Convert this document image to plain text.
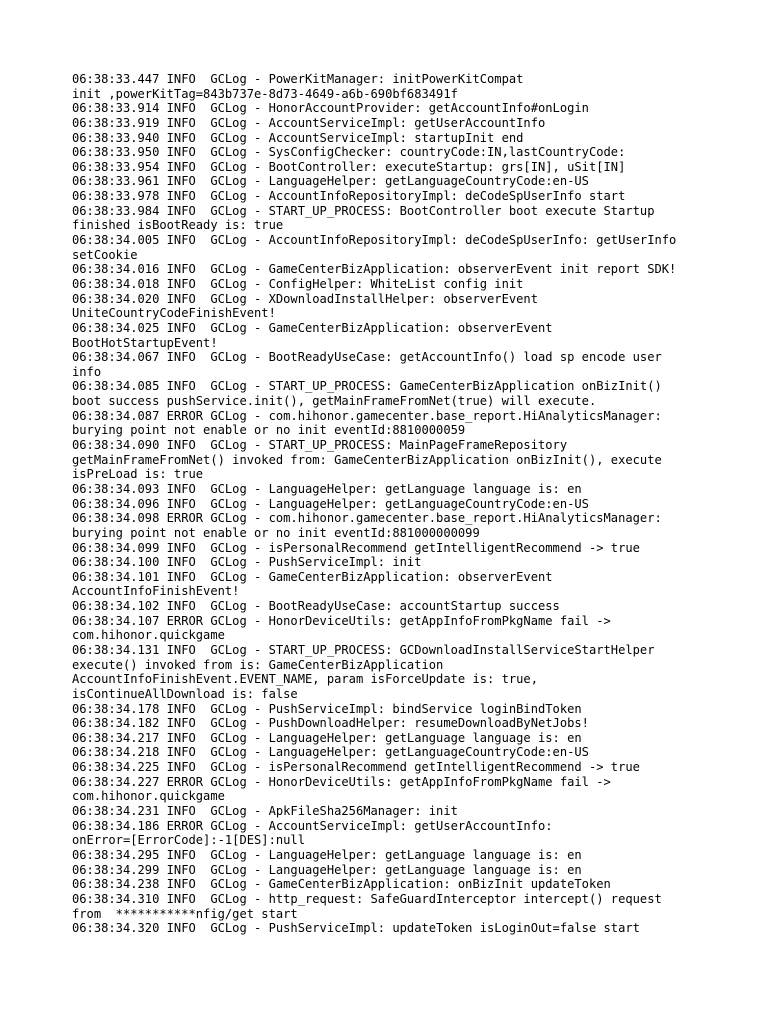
06:38:33.447 INFO  GCLog - PowerKitManager: initPowerKitCompat
init ,powerKitTag=843b737e-8d73-4649-a6b-690bf683491f
06:38:33.914 INFO  GCLog - HonorAccountProvider: getAccountInfo#onLogin
06:38:33.919 INFO  GCLog - AccountServiceImpl: getUserAccountInfo
06:38:33.940 INFO  GCLog - AccountServiceImpl: startupInit end
06:38:33.950 INFO  GCLog - SysConfigChecker: countryCode:IN,lastCountryCode:
06:38:33.954 INFO  GCLog - BootController: executeStartup: grs[IN], uSit[IN]
06:38:33.961 INFO  GCLog - LanguageHelper: getLanguageCountryCode:en-US
06:38:33.978 INFO  GCLog - AccountInfoRepositoryImpl: deCodeSpUserInfo start
06:38:33.984 INFO  GCLog - START_UP_PROCESS: BootController boot execute Startup
finished isBootReady is: true
06:38:34.005 INFO  GCLog - AccountInfoRepositoryImpl: deCodeSpUserInfo: getUserInfo
setCookie
06:38:34.016 INFO  GCLog - GameCenterBizApplication: observerEvent init report SDK!
06:38:34.018 INFO  GCLog - ConfigHelper: WhiteList config init
06:38:34.020 INFO  GCLog - XDownloadInstallHelper: observerEvent
UniteCountryCodeFinishEvent!
06:38:34.025 INFO  GCLog - GameCenterBizApplication: observerEvent
BootHotStartupEvent!
06:38:34.067 INFO  GCLog - BootReadyUseCase: getAccountInfo() load sp encode user
info
06:38:34.085 INFO  GCLog - START_UP_PROCESS: GameCenterBizApplication onBizInit()
boot success pushService.init(), getMainFrameFromNet(true) will execute.
06:38:34.087 ERROR GCLog - com.hihonor.gamecenter.base_report.HiAnalyticsManager:
burying point not enable or no init eventId:8810000059
06:38:34.090 INFO  GCLog - START_UP_PROCESS: MainPageFrameRepository
getMainFrameFromNet() invoked from: GameCenterBizApplication onBizInit(), execute
isPreLoad is: true
06:38:34.093 INFO  GCLog - LanguageHelper: getLanguage language is: en
06:38:34.096 INFO  GCLog - LanguageHelper: getLanguageCountryCode:en-US
06:38:34.098 ERROR GCLog - com.hihonor.gamecenter.base_report.HiAnalyticsManager:
burying point not enable or no init eventId:881000000099
06:38:34.099 INFO  GCLog - isPersonalRecommend getIntelligentRecommend -> true
06:38:34.100 INFO  GCLog - PushServiceImpl: init
06:38:34.101 INFO  GCLog - GameCenterBizApplication: observerEvent
AccountInfoFinishEvent!
06:38:34.102 INFO  GCLog - BootReadyUseCase: accountStartup success
06:38:34.107 ERROR GCLog - HonorDeviceUtils: getAppInfoFromPkgName fail ->
com.hihonor.quickgame
06:38:34.131 INFO  GCLog - START_UP_PROCESS: GCDownloadInstallServiceStartHelper
execute() invoked from is: GameCenterBizApplication
AccountInfoFinishEvent.EVENT_NAME, param isForceUpdate is: true,
isContinueAllDownload is: false
06:38:34.178 INFO  GCLog - PushServiceImpl: bindService loginBindToken
06:38:34.182 INFO  GCLog - PushDownloadHelper: resumeDownloadByNetJobs!
06:38:34.217 INFO  GCLog - LanguageHelper: getLanguage language is: en
06:38:34.218 INFO  GCLog - LanguageHelper: getLanguageCountryCode:en-US
06:38:34.225 INFO  GCLog - isPersonalRecommend getIntelligentRecommend -> true
06:38:34.227 ERROR GCLog - HonorDeviceUtils: getAppInfoFromPkgName fail ->
com.hihonor.quickgame
06:38:34.231 INFO  GCLog - ApkFileSha256Manager: init
06:38:34.186 ERROR GCLog - AccountServiceImpl: getUserAccountInfo:
onError=[ErrorCode]:-1[DES]:null
06:38:34.295 INFO  GCLog - LanguageHelper: getLanguage language is: en
06:38:34.299 INFO  GCLog - LanguageHelper: getLanguage language is: en
06:38:34.238 INFO  GCLog - GameCenterBizApplication: onBizInit updateToken
06:38:34.310 INFO  GCLog - http_request: SafeGuardInterceptor intercept() request
from  ***********nfig/get start
06:38:34.320 INFO  GCLog - PushServiceImpl: updateToken isLoginOut=false start
